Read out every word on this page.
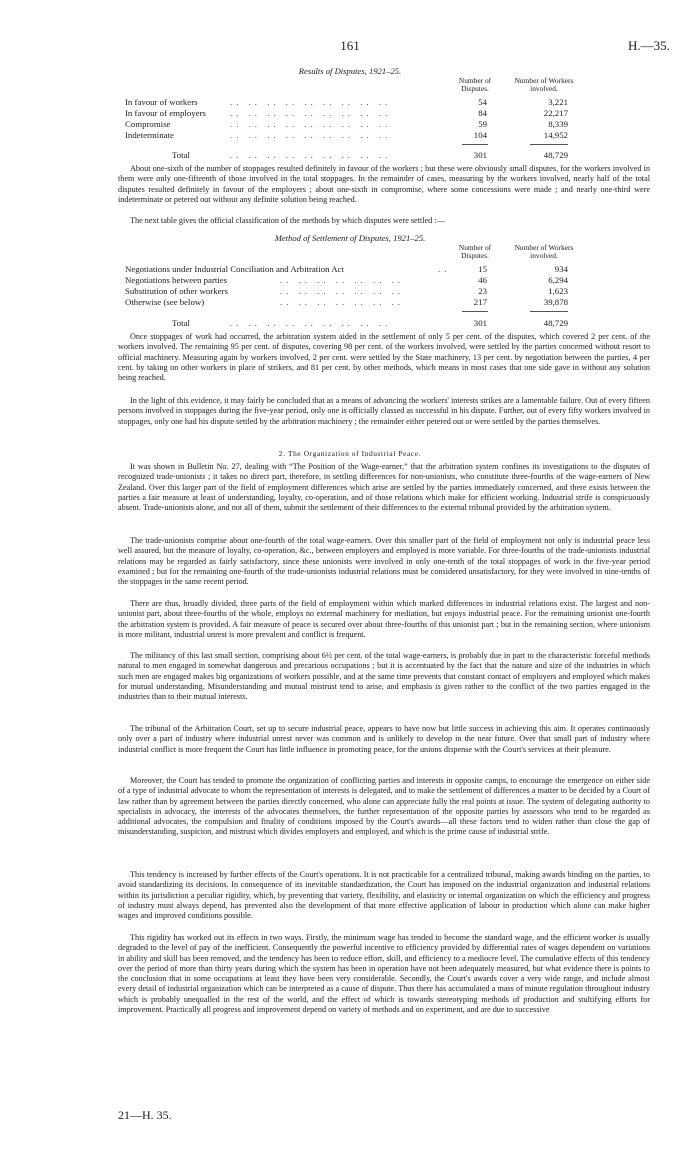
161	H.—35.
Results of Disputes, 1921–25.
Number of Disputes.
Number of Workers involved.
In favour of workers	.. .. .. .. .. .. .. .. ..	54	3,221
In favour of employers	.. .. .. .. .. .. .. .. ..	84	22,217
Compromise	.. .. .. .. .. .. .. .. ..	59	8,339
Indeterminate	.. .. .. .. .. .. .. .. ..	104	14,952
Total	.. .. .. .. .. .. .. .. ..	301	48,729

About one-sixth of the number of stoppages resulted definitely in favour of the workers ; but these were obviously small disputes, for the workers involved in them were only one-fifteenth of those involved in the total stoppages. In the remainder of cases, measuring by the workers involved, nearly half of the total disputes resulted definitely in favour of the employers ; about one-sixth in compromise, where some concessions were made ; and nearly one-third were indeterminate or petered out without any definite solution being reached.

The next table gives the official classification of the methods by which disputes were settled :—

Method of Settlement of Disputes, 1921–25.
Number of Disputes.
Number of Workers involved.
Negotiations under Industrial Conciliation and Arbitration Act	..	15	934
Negotiations between parties	.. .. .. .. .. .. ..	46	6,294
Substitution of other workers	.. .. .. .. .. .. ..	23	1,623
Otherwise (see below)	.. .. .. .. .. .. ..	217	39,878
Total	.. .. .. .. .. .. .. .. ..	301	48,729

Once stoppages of work had occurred, the arbitration system aided in the settlement of only 5 per cent. of the disputes, which covered 2 per cent. of the workers involved. The remaining 95 per cent. of disputes, covering 98 per cent. of the workers involved, were settled by the parties concerned without resort to official machinery. Measuring again by workers involved, 2 per cent. were settled by the State machinery, 13 per cent. by negotiation between the parties, 4 per cent. by taking on other workers in place of strikers, and 81 per cent. by other methods, which means in most cases that one side gave in without any solution being reached.

In the light of this evidence, it may fairly be concluded that as a means of advancing the workers' interests strikes are a lamentable failure. Out of every fifteen persons involved in stoppages during the five-year period, only one is officially classed as successful in his dispute. Further, out of every fifty workers involved in stoppages, only one had his dispute settled by the arbitration machinery ; the remainder either petered out or were settled by the parties themselves.

2. The Organization of Industrial Peace.

It was shown in Bulletin No. 27, dealing with “The Position of the Wage-earner,” that the arbitration system confines its investigations to the disputes of recognized trade-unionists ; it takes no direct part, therefore, in settling differences for non-unionists, who constitute three-fourths of the wage-earners of New Zealand. Over this larger part of the field of employment differences which arise are settled by the parties immediately concerned, and there exists between the parties a fair measure at least of understanding, loyalty, co-operation, and of those relations which make for efficient working. Industrial strife is conspicuously absent. Trade-unionists alone, and not all of them, submit the settlement of their differences to the external tribunal provided by the arbitration system.

The trade-unionists comprise about one-fourth of the total wage-earners. Over this smaller part of the field of employment not only is industrial peace less well assured, but the measure of loyalty, co-operation, &c., between employers and employed is more variable. For three-fourths of the trade-unionists industrial relations may be regarded as fairly satisfactory, since these unionists were involved in only one-tenth of the total stoppages of work in the five-year period examined ; but for the remaining one-fourth of the trade-unionists industrial relations must be considered unsatisfactory, for they were involved in nine-tenths of the stoppages in the same recent period.

There are thus, broadly divided, three parts of the field of employment within which marked differences in industrial relations exist. The largest and non-unionist part, about three-fourths of the whole, employs no external machinery for mediation, but enjoys industrial peace. For the remaining unionist one-fourth the arbitration system is provided. A fair measure of peace is secured over about three-fourths of this unionist part ; but in the remaining section, where unionism is more militant, industrial unrest is more prevalent and conflict is frequent.

The militancy of this last small section, comprising about 6½ per cent. of the total wage-earners, is probably due in part to the characteristic forceful methods natural to men engaged in somewhat dangerous and precarious occupations ; but it is accentuated by the fact that the nature and size of the industries in which such men are engaged makes big organizations of workers possible, and at the same time prevents that constant contact of employers and employed which makes for mutual understanding. Misunderstanding and mutual mistrust tend to arise, and emphasis is given rather to the conflict of the two parties engaged in the industries than to their mutual interests.

The tribunal of the Arbitration Court, set up to secure industrial peace, appears to have now but little success in achieving this aim. It operates continuously only over a part of industry where industrial unrest never was common and is unlikely to develop in the near future. Over that small part of industry where industrial conflict is more frequent the Court has little influence in promoting peace, for the unions dispense with the Court's services at their pleasure.

Moreover, the Court has tended to promote the organization of conflicting parties and interests in opposite camps, to encourage the emergence on either side of a type of industrial advocate to whom the representation of interests is delegated, and to make the settlement of differences a matter to be decided by a Court of law rather than by agreement between the parties directly concerned, who alone can appreciate fully the real points at issue. The system of delegating authority to specialists in advocacy, the interests of the advocates themselves, the further representation of the opposite parties by assessors who tend to be regarded as additional advocates, the compulsion and finality of conditions imposed by the Court's awards—all these factors tend to widen rather than close the gap of misunderstanding, suspicion, and mistrust which divides employers and employed, and which is the prime cause of industrial strife.

This tendency is increased by further effects of the Court's operations. It is not practicable for a centralized tribunal, making awards binding on the parties, to avoid standardizing its decisions. In consequence of its inevitable standardization, the Court has imposed on the industrial organization and industrial relations within its jurisdiction a peculiar rigidity, which, by preventing that variety, flexibility, and elasticity or internal organization on which the efficiency and progress of industry must always depend, has prevented also the development of that more effective application of labour in production which alone can make higher wages and improved conditions possible.

This rigidity has worked out its effects in two ways. Firstly, the minimum wage has tended to become the standard wage, and the efficient worker is usually degraded to the level of pay of the inefficient. Consequently the powerful incentive to efficiency provided by differential rates of wages dependent on variations in ability and skill has been removed, and the tendency has been to reduce effort, skill, and efficiency to a mediocre level. The cumulative effects of this tendency over the period of more than thirty years during which the system has been in operation have not been adequately measured, but what evidence there is points to the conclusion that in some occupations at least they have been very considerable. Secondly, the Court's awards cover a very wide range, and include almost every detail of industrial organization which can be interpreted as a cause of dispute. Thus there has accumulated a mass of minute regulation throughout industry which is probably unequalled in the rest of the world, and the effect of which is towards stereotyping methods of production and stultifying efforts for improvement. Practically all progress and improvement depend on variety of methods and on experiment, and are due to successive

21—H. 35.
